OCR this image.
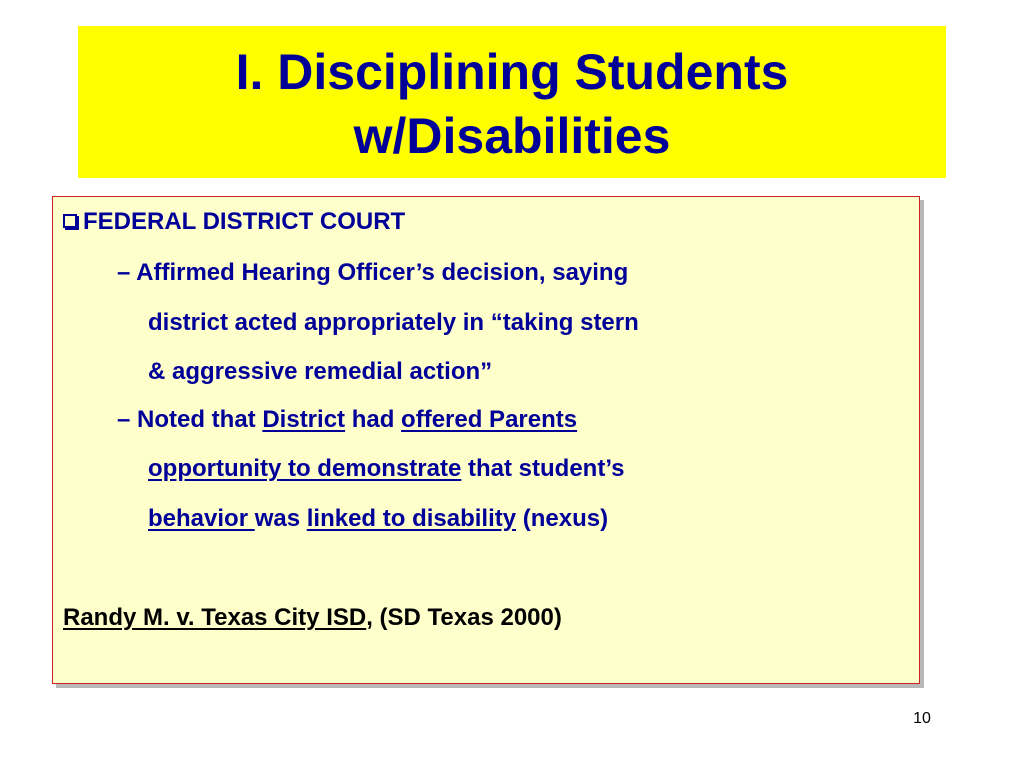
I. Disciplining Students
w/Disabilities
FEDERAL DISTRICT COURT
– Affirmed Hearing Officer’s decision, saying
district acted appropriately in “taking stern
& aggressive remedial action”
– Noted that District had offered Parents
opportunity to demonstrate that student’s
behavior was linked to disability (nexus)
Randy M. v. Texas City ISD, (SD Texas 2000)
10
